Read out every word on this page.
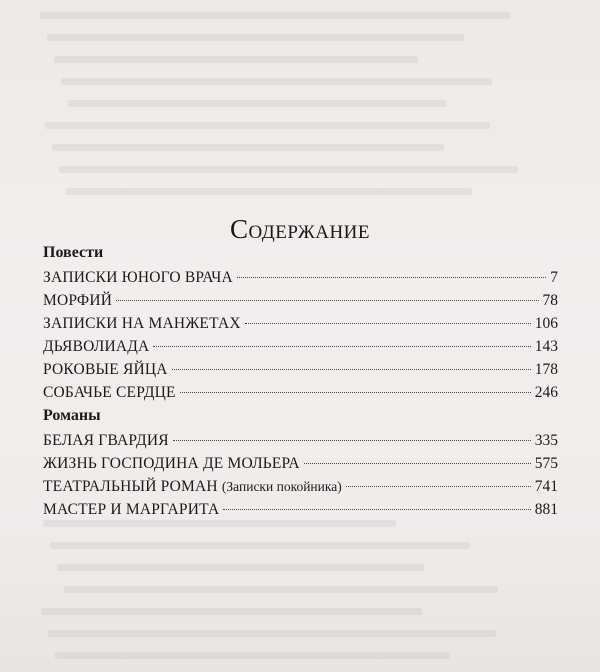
Содержание
Повести
ЗАПИСКИ ЮНОГО ВРАЧА	7
МОРФИЙ	78
ЗАПИСКИ НА МАНЖЕТАХ	106
ДЬЯВОЛИАДА	143
РОКОВЫЕ ЯЙЦА	178
СОБАЧЬЕ СЕРДЦЕ	246
Романы
БЕЛАЯ ГВАРДИЯ	335
ЖИЗНЬ ГОСПОДИНА ДЕ МОЛЬЕРА	575
ТЕАТРАЛЬНЫЙ РОМАН (Записки покойника)	741
МАСТЕР И МАРГАРИТА	881
